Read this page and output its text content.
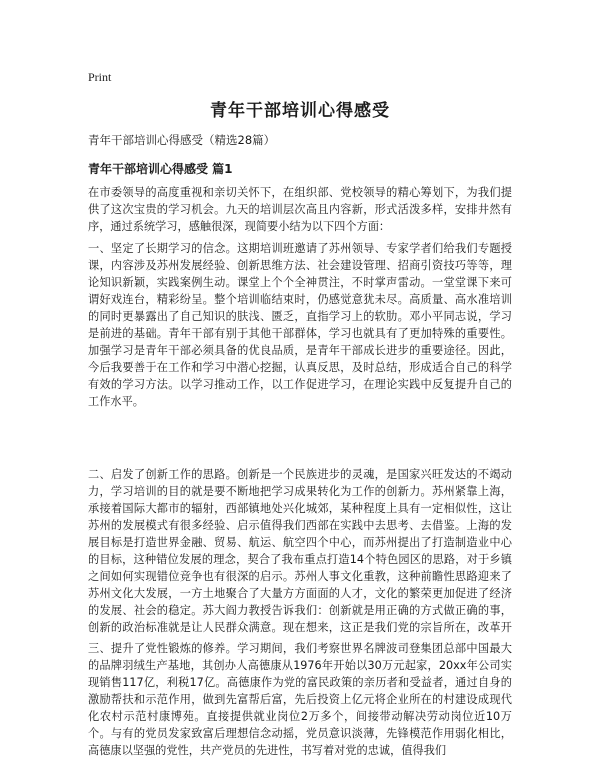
Print
青年干部培训心得感受
青年干部培训心得感受（精选28篇）
青年干部培训心得感受 篇1
在市委领导的高度重视和亲切关怀下，在组织部、党校领导的精心筹划下，为我们提供了这次宝贵的学习机会。九天的培训层次高且内容新，形式活泼多样，安排井然有序，通过系统学习，感触很深，现简要小结为以下四个方面：
一、坚定了长期学习的信念。这期培训班邀请了苏州领导、专家学者们给我们专题授课，内容涉及苏州发展经验、创新思维方法、社会建设管理、招商引资技巧等等，理论知识新颖，实践案例生动。课堂上个个全神贯注，不时掌声雷动。一堂堂课下来可谓好戏连台，精彩纷呈。整个培训临结束时，仍感觉意犹未尽。高质量、高水准培训的同时更暴露出了自己知识的肤浅、匮乏，直指学习上的软肋。邓小平同志说，学习是前进的基础。青年干部有别于其他干部群体，学习也就具有了更加特殊的重要性。加强学习是青年干部必须具备的优良品质，是青年干部成长进步的重要途径。因此，今后我要善于在工作和学习中潜心挖掘，认真反思，及时总结，形成适合自己的科学有效的学习方法。以学习推动工作，以工作促进学习，在理论实践中反复提升自己的工作水平。
二、启发了创新工作的思路。创新是一个民族进步的灵魂，是国家兴旺发达的不竭动力，学习培训的目的就是要不断地把学习成果转化为工作的创新力。苏州紧靠上海，承接着国际大都市的辐射，西部镇地处兴化城郊，某种程度上具有一定相似性，这让苏州的发展模式有很多经验、启示值得我们西部在实践中去思考、去借鉴。上海的发展目标是打造世界金融、贸易、航运、航空四个中心，而苏州提出了打造制造业中心的目标，这种错位发展的理念，契合了我布重点打造14个特色园区的思路，对于乡镇之间如何实现错位竞争也有很深的启示。苏州人事文化重教，这种前瞻性思路迎来了苏州文化大发展，一方土地聚合了大量方方面面的人才，文化的繁荣更加促进了经济的发展、社会的稳定。苏大阎力教授告诉我们：创新就是用正确的方式做正确的事，创新的政治标准就是让人民群众满意。现在想来，这正是我们党的宗旨所在，改革开
三、提升了党性锻炼的修养。学习期间，我们考察世界名牌波司登集团总部中国最大的品牌羽绒生产基地，其创办人高德康从1976年开始以30万元起家，20xx年公司实现销售117亿，利税17亿。高德康作为党的富民政策的亲历者和受益者，通过自身的激励帮扶和示范作用，做到先富帮后富，先后投资上亿元将企业所在的村建设成现代化农村示范村康博苑。直接提供就业岗位2万多个，间接带动解决劳动岗位近10万个。与有的党员发家致富后理想信念动摇，党员意识淡薄，先锋模范作用弱化相比，高德康以坚强的党性，共产党员的先进性，书写着对党的忠诚，值得我们
